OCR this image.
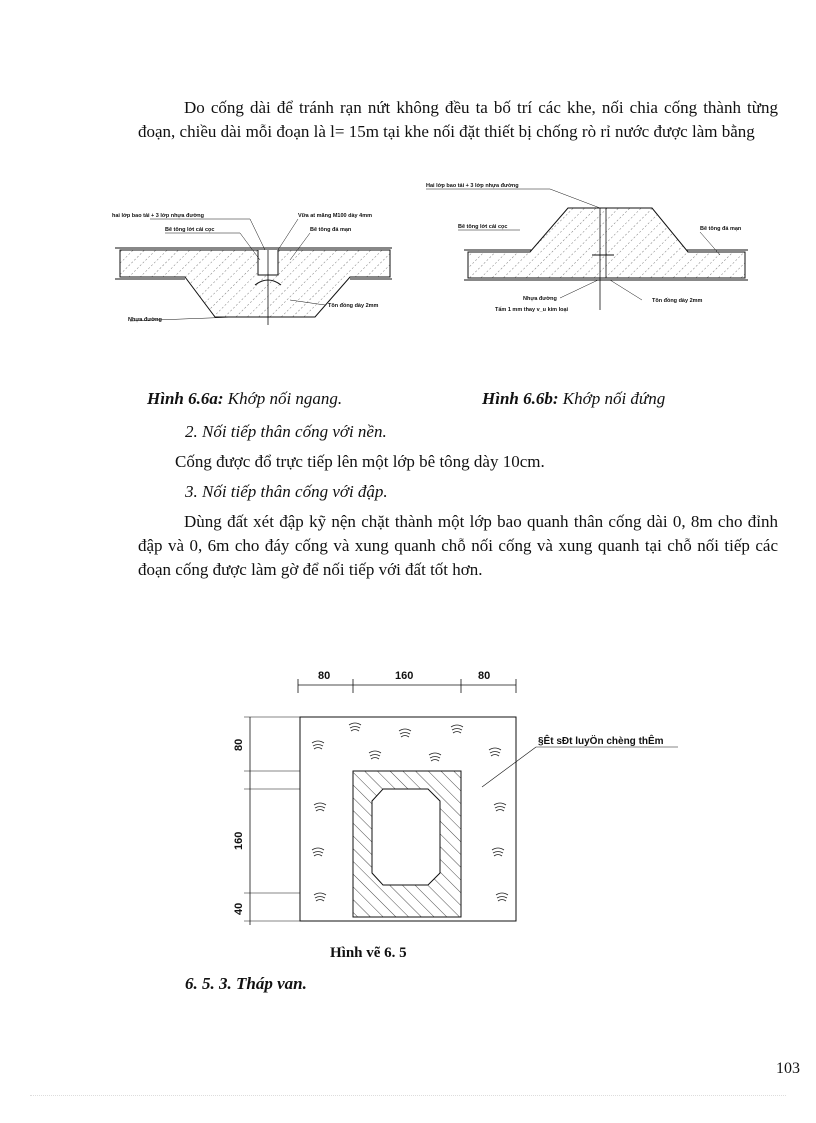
Do cống dài để tránh rạn nứt không đều ta bố trí các khe, nối chia cống thành từng đoạn, chiều dài mỗi đoạn là l= 15m tại khe nối đặt thiết bị chống rò rỉ nước được làm bằng
hai lớp bao tải + 3 lớp nhựa đường
Bê tông lớt cải cọc
Vữa at măng M100 dày 4mm
Bê tông đá mạn
Nhựa đường
Tôn đồng dày 2mm
Hai lớp bao tải + 3 lớp nhựa đường
Bê tông lớt cải cọc	Bê tông đá mạn
Nhựa đường
Tấm 1 mm thay v_u kim loại
Tôn đồng dày 2mm
Hình 6.6a: Khớp nối ngang.	Hình 6.6b: Khớp nối đứng
2. Nối tiếp thân cống với nền.
Cống được đổ trực tiếp lên một lớp bê tông dày 10cm.
3. Nối tiếp thân cống với đập.
Dùng đất xét đập kỹ nện chặt thành một lớp bao quanh thân cống dài 0, 8m cho đỉnh đập và 0, 6m cho đáy cống và xung quanh chỗ nối cống và xung quanh tại chỗ nối tiếp các đoạn cống được làm gờ để nối tiếp với đất tốt hơn.
80	160	80
80
160
40
§Êt sÐt luyÖn chèng thÊm
Hình vẽ 6. 5
6. 5. 3. Tháp van.
103
